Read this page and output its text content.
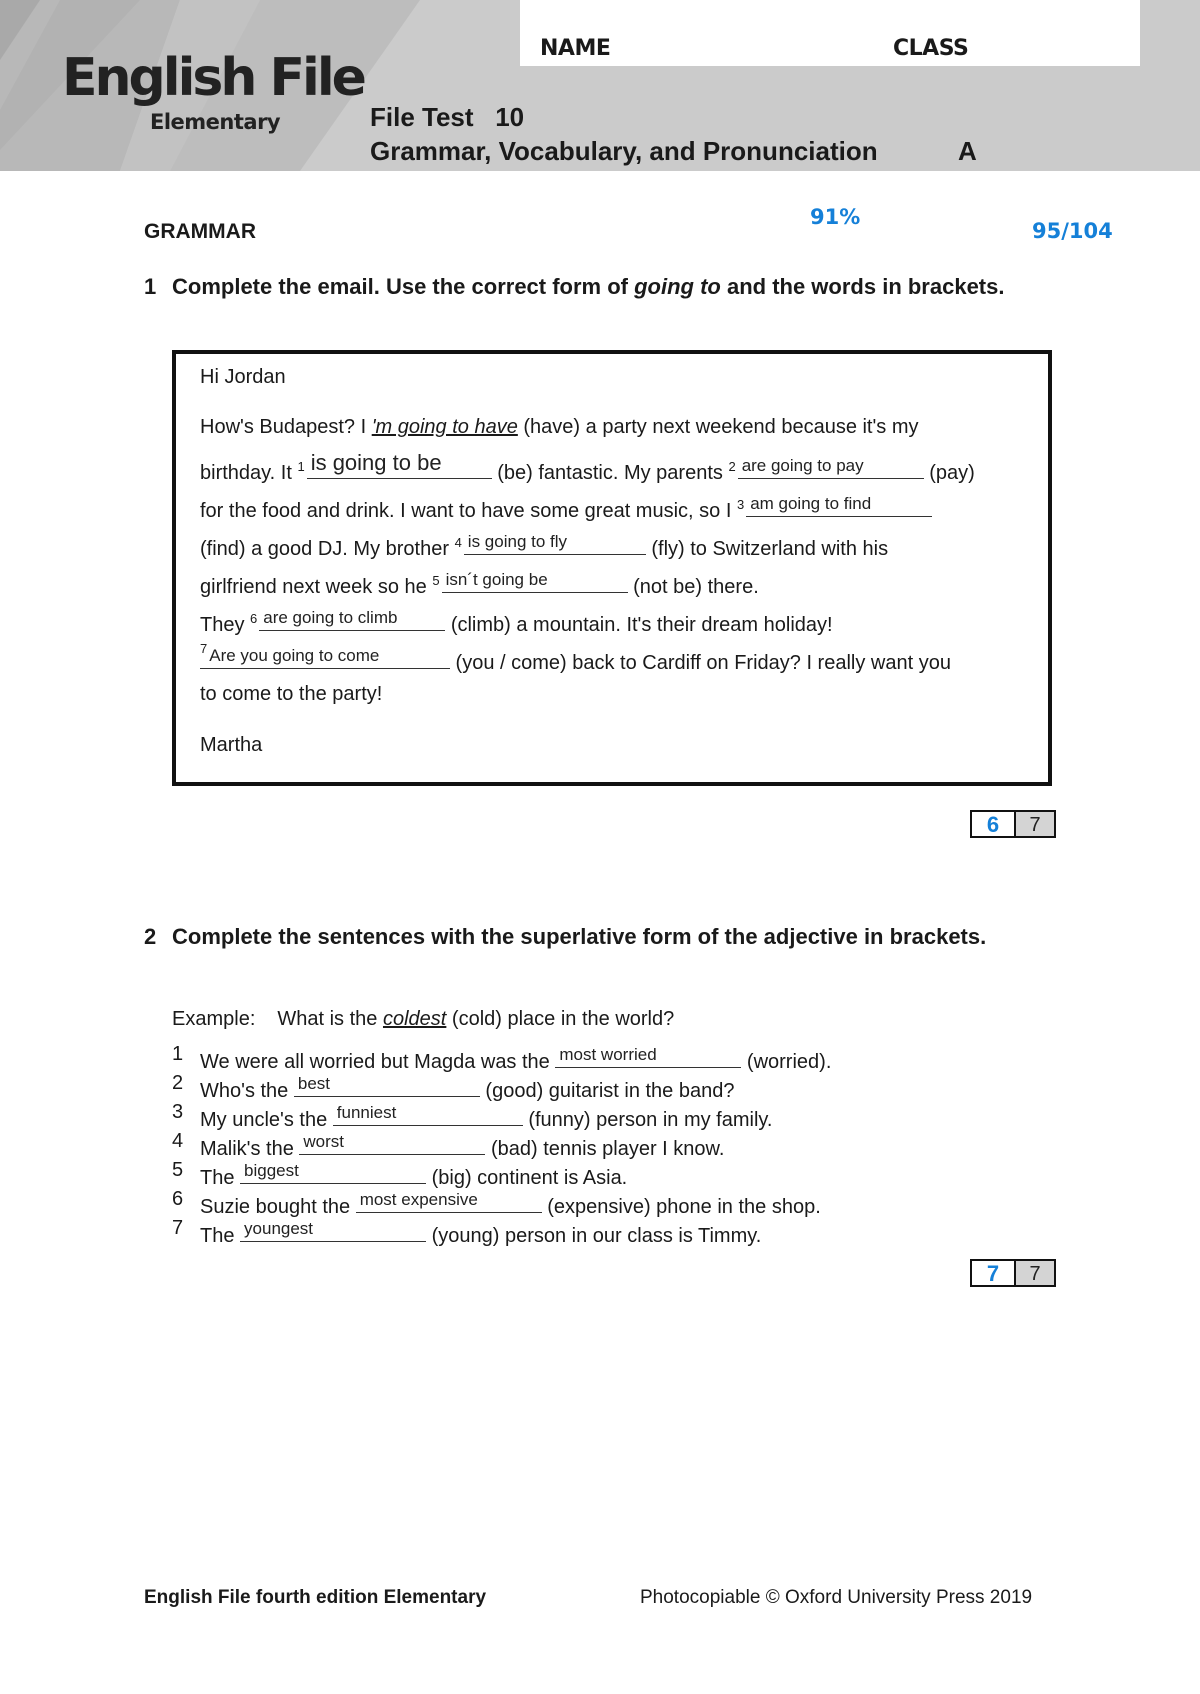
NAME	CLASS
English File
Elementary	File Test   10
Grammar, Vocabulary, and Pronunciation	A
GRAMMAR
91%
95/104
1 Complete the email. Use the correct form of going to and the words in brackets.
Hi Jordan
How's Budapest? I 'm going to have (have) a party next weekend because it's my
birthday. It $^1$ is going to be	(be) fantastic. My parents $^2$ are going to pay	(pay)
for the food and drink. I want to have some great music, so I $^3$ am going to find
(find) a good DJ. My brother $^4$ is going to fly	(fly) to Switzerland with his
girlfriend next week so he $^5$ isn´t going be	(not be) there.
They $^6$ are going to climb (climb) a mountain. It's their dream holiday!
$^7$ Are you going to come	(you / come) back to Cardiff on Friday? I really want you
to come to the party!
Martha
6	7
2 Complete the sentences with the superlative form of the adjective in brackets.
Example: What is the coldest (cold) place in the world?
1 We were all worried but Magda was the most worried	(worried).
2 Who's the best	(good) guitarist in the band?
3 My uncle's the funniest	(funny) person in my family.
4 Malik's the worst	(bad) tennis player I know.
5 The biggest	(big) continent is Asia.
6 Suzie bought the most expensive	(expensive) phone in the shop.
7 The youngest	(young) person in our class is Timmy.
7	7
English File fourth edition Elementary	Photocopiable © Oxford University Press 2019
